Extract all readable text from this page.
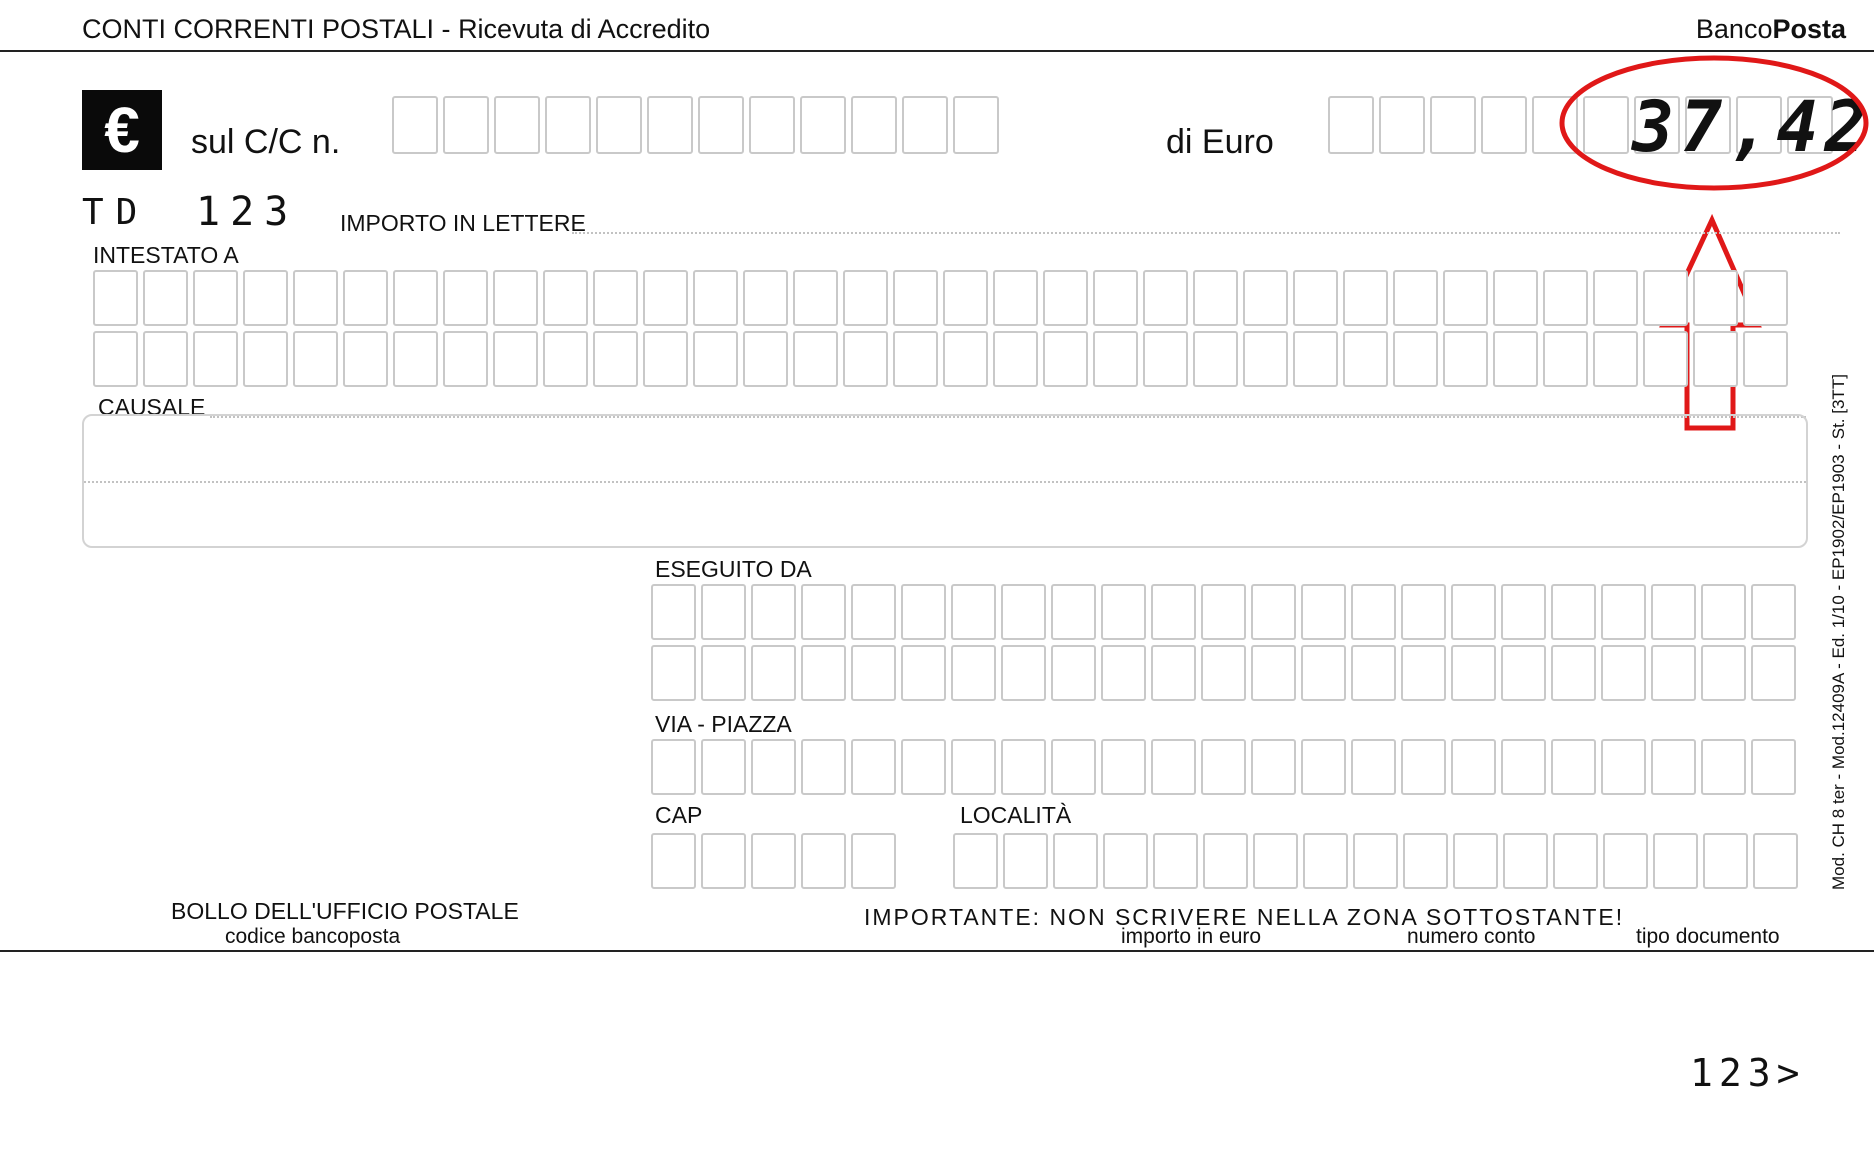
CONTI CORRENTI POSTALI - Ricevuta di Accredito	BancoPosta
€	sul C/C n.	di Euro	37,42
TD 123 IMPORTO IN LETTERE
INTESTATO A
CAUSALE
ESEGUITO DA
VIA - PIAZZA
CAP	LOCALITÀ	Mod. CH 8 ter - Mod.12409A - Ed. 1/10 - EP1902/EP1903 - St. [3TT]
BOLLO DELL'UFFICIO POSTALE
codice bancoposta
IMPORTANTE: NON SCRIVERE NELLA ZONA SOTTOSTANTE!
importo in euro	numero conto	tipo documento
123>
